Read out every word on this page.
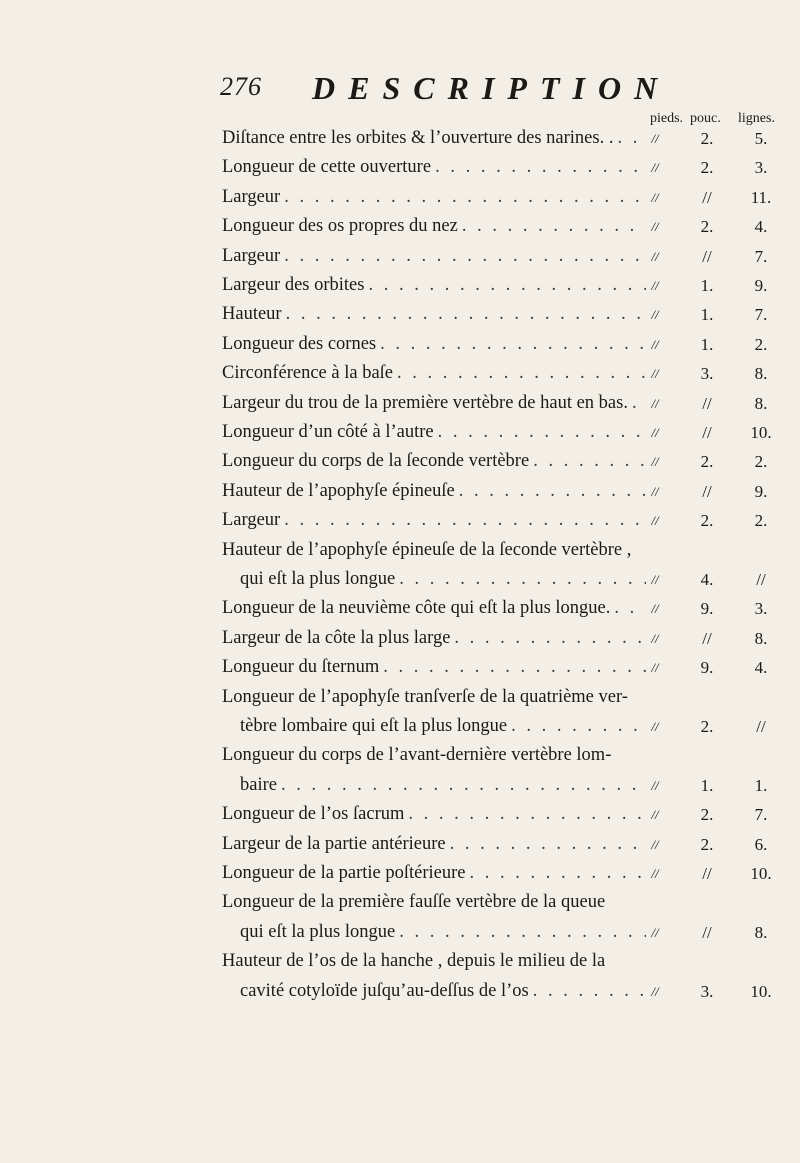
276 DESCRIPTION
pieds. pouc. lignes.
Diſtance entre les orbites & l’ouverture des narines. . . . .	//	2.	5.
Longueur de cette ouverture . . .	//	2.	3.
Largeur . . .	//	//	11.
Longueur des os propres du nez . . .	//	2.	4.
Largeur . . .	//	//	7.
Largeur des orbites . . .	//	1.	9.
Hauteur . . .	//	1.	7.
Longueur des cornes . . .	//	1.	2.
Circonférence à la baſe . . .	//	3.	8.
Largeur du trou de la première vertèbre de haut en bas. . . .	//	//	8.
Longueur d’un côté à l’autre . . .	//	//	10.
Longueur du corps de la ſeconde vertèbre . . .	//	2.	2.
Hauteur de l’apophyſe épineuſe . . .	//	//	9.
Largeur . . .	//	2.	2.
Hauteur de l’apophyſe épineuſe de la ſeconde vertèbre ,
qui eſt la plus longue . . .	//	4.	//
Longueur de la neuvième côte qui eſt la plus longue. . . .	//	9.	3.
Largeur de la côte la plus large . . .	//	//	8.
Longueur du ſternum . . .	//	9.	4.
Longueur de l’apophyſe tranſverſe de la quatrième ver-
tèbre lombaire qui eſt la plus longue . . .	//	2.	//
Longueur du corps de l’avant-dernière vertèbre lom-
baire . . .	//	1.	1.
Longueur de l’os ſacrum . . .	//	2.	7.
Largeur de la partie antérieure . . .	//	2.	6.
Longueur de la partie poſtérieure . . .	//	//	10.
Longueur de la première fauſſe vertèbre de la queue
qui eſt la plus longue . . .	//	//	8.
Hauteur de l’os de la hanche , depuis le milieu de la
cavité cotyloïde juſqu’au-deſſus de l’os . . .	//	3.	10.
